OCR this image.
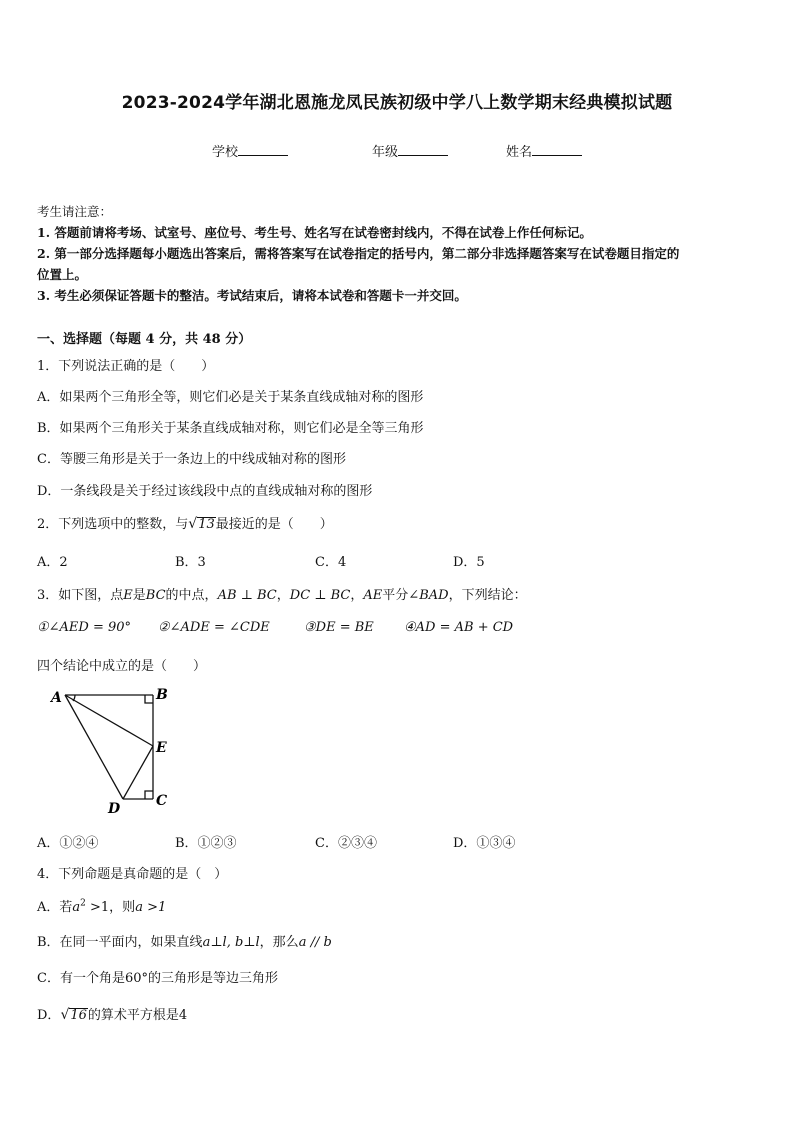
2023-2024学年湖北恩施龙凤民族初级中学八上数学期末经典模拟试题
学校	年级	姓名
考生请注意：
1. 答题前请将考场、试室号、座位号、考生号、姓名写在试卷密封线内，不得在试卷上作任何标记。
2. 第一部分选择题每小题选出答案后，需将答案写在试卷指定的括号内，第二部分非选择题答案写在试卷题目指定的
位置上。
3. 考生必须保证答题卡的整洁。考试结束后，请将本试卷和答题卡一并交回。
一、选择题（每题 4 分，共 48 分）
1．下列说法正确的是（　　）
A．如果两个三角形全等，则它们必是关于某条直线成轴对称的图形
B．如果两个三角形关于某条直线成轴对称，则它们必是全等三角形
C．等腰三角形是关于一条边上的中线成轴对称的图形
D．一条线段是关于经过该线段中点的直线成轴对称的图形
2．下列选项中的整数，与√13最接近的是（　　）
A．2	B．3	C．4	D．5
3．如下图，点E是BC的中点，AB ⊥ BC，DC ⊥ BC，AE平分∠BAD，下列结论：
①∠AED = 90° ②∠ADE = ∠CDE	③DE = BE ④AD = AB + CD
四个结论中成立的是（　　）
A	B
E
D	C
A．①②④	B．①②③	C．②③④	D．①③④
4．下列命题是真命题的是（　）
A．若$a^2 >1$，则a >1
B．在同一平面内，如果直线a⊥l, b⊥l，那么a // b
C．有一个角是60°的三角形是等边三角形
D．√16的算术平方根是4
